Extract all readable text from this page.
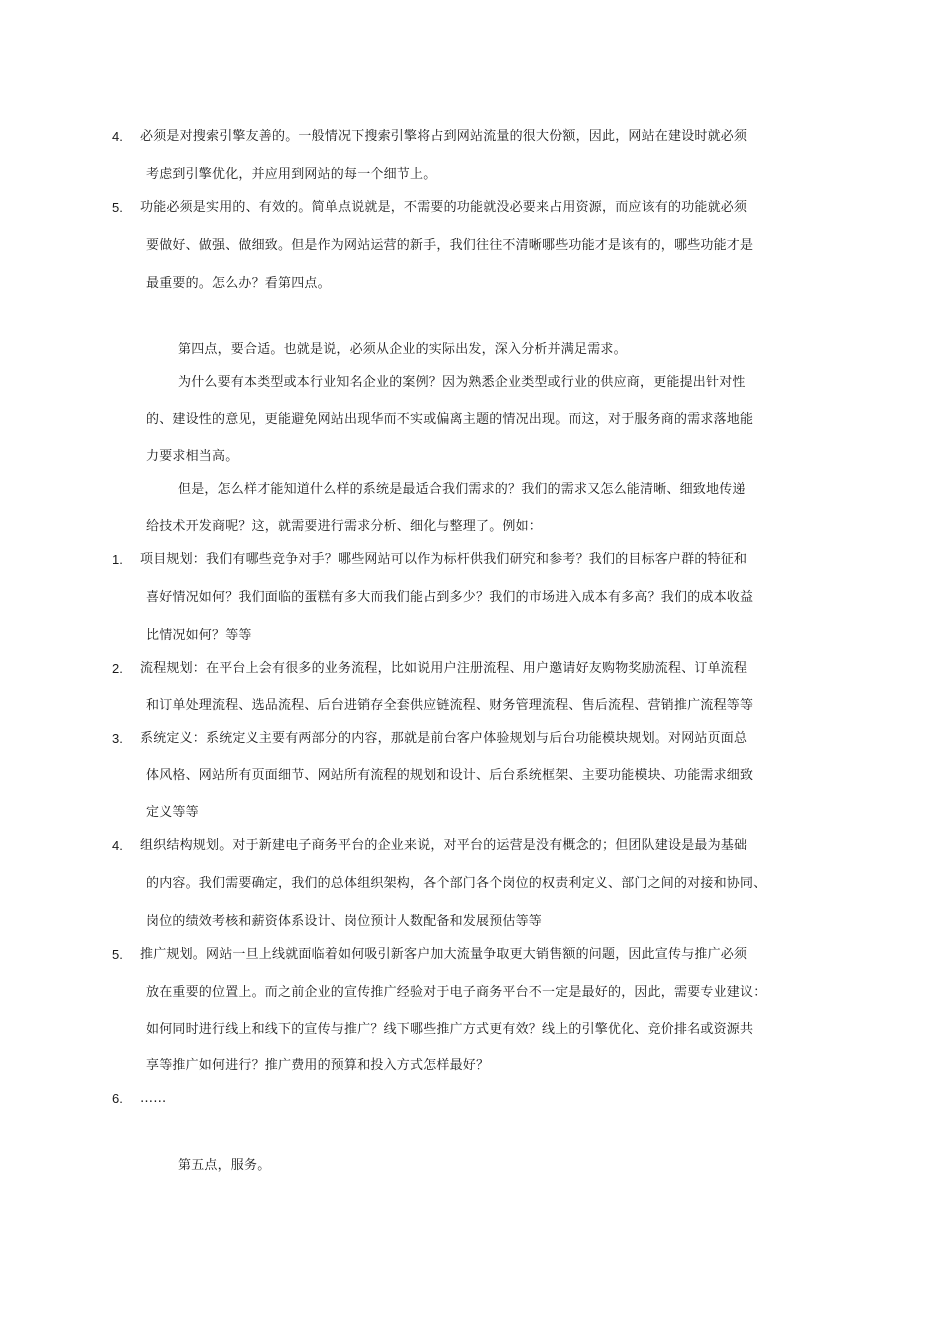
4. 必须是对搜索引擎友善的。一般情况下搜索引擎将占到网站流量的很大份额，因此，网站在建设时就必须
考虑到引擎优化，并应用到网站的每一个细节上。
5. 功能必须是实用的、有效的。简单点说就是，不需要的功能就没必要来占用资源，而应该有的功能就必须
要做好、做强、做细致。但是作为网站运营的新手，我们往往不清晰哪些功能才是该有的，哪些功能才是
最重要的。怎么办？看第四点。
第四点，要合适。也就是说，必须从企业的实际出发，深入分析并满足需求。
为什么要有本类型或本行业知名企业的案例？因为熟悉企业类型或行业的供应商，更能提出针对性
的、建设性的意见，更能避免网站出现华而不实或偏离主题的情况出现。而这，对于服务商的需求落地能
力要求相当高。
但是，怎么样才能知道什么样的系统是最适合我们需求的？我们的需求又怎么能清晰、细致地传递
给技术开发商呢？这，就需要进行需求分析、细化与整理了。例如：
1. 项目规划：我们有哪些竞争对手？哪些网站可以作为标杆供我们研究和参考？我们的目标客户群的特征和
喜好情况如何？我们面临的蛋糕有多大而我们能占到多少？我们的市场进入成本有多高？我们的成本收益
比情况如何？等等
2. 流程规划：在平台上会有很多的业务流程，比如说用户注册流程、用户邀请好友购物奖励流程、订单流程
和订单处理流程、选品流程、后台进销存全套供应链流程、财务管理流程、售后流程、营销推广流程等等
3. 系统定义：系统定义主要有两部分的内容，那就是前台客户体验规划与后台功能模块规划。对网站页面总
体风格、网站所有页面细节、网站所有流程的规划和设计、后台系统框架、主要功能模块、功能需求细致
定义等等
4. 组织结构规划。对于新建电子商务平台的企业来说，对平台的运营是没有概念的；但团队建设是最为基础
的内容。我们需要确定，我们的总体组织架构，各个部门各个岗位的权责利定义、部门之间的对接和协同、
岗位的绩效考核和薪资体系设计、岗位预计人数配备和发展预估等等
5. 推广规划。网站一旦上线就面临着如何吸引新客户加大流量争取更大销售额的问题，因此宣传与推广必须
放在重要的位置上。而之前企业的宣传推广经验对于电子商务平台不一定是最好的，因此，需要专业建议：
如何同时进行线上和线下的宣传与推广？线下哪些推广方式更有效？线上的引擎优化、竞价排名或资源共
享等推广如何进行？推广费用的预算和投入方式怎样最好？
6. ……
第五点，服务。
